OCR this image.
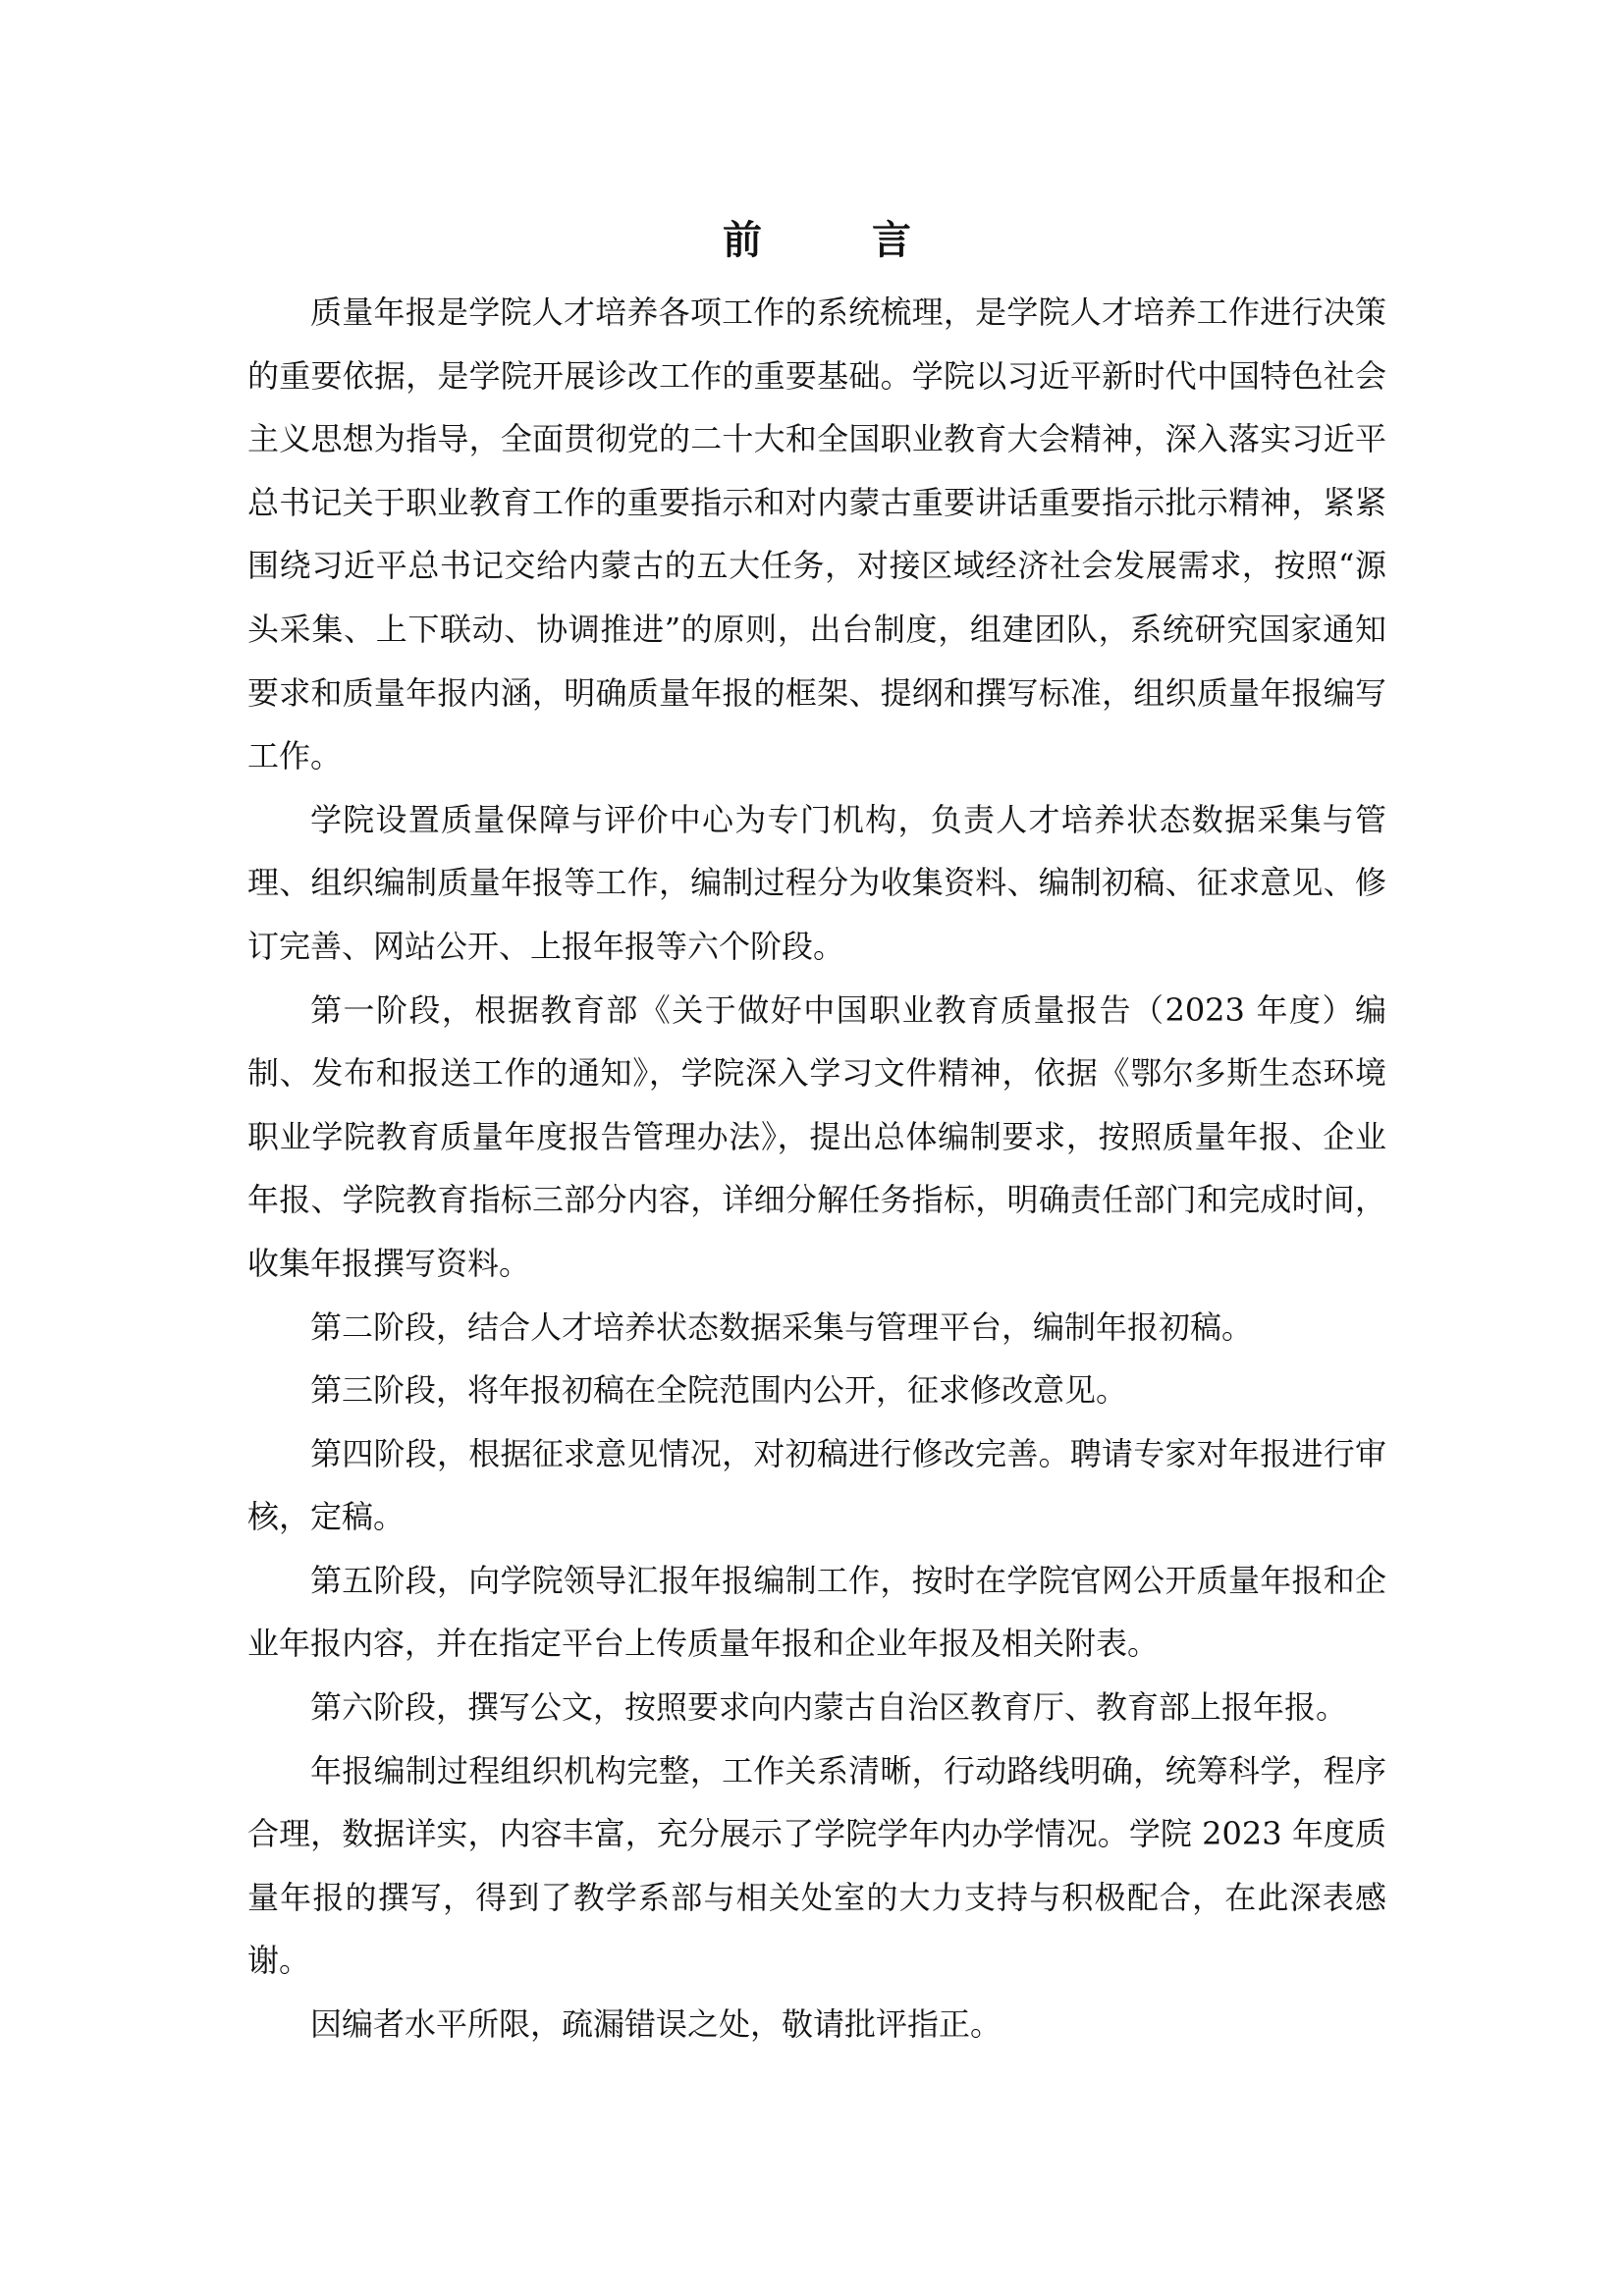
前　言

质量年报是学院人才培养各项工作的系统梳理，是学院人才培养工作进行决策的重要依据，是学院开展诊改工作的重要基础。学院以习近平新时代中国特色社会主义思想为指导，全面贯彻党的二十大和全国职业教育大会精神，深入落实习近平总书记关于职业教育工作的重要指示和对内蒙古重要讲话重要指示批示精神，紧紧围绕习近平总书记交给内蒙古的五大任务，对接区域经济社会发展需求，按照“源头采集、上下联动、协调推进”的原则，出台制度，组建团队，系统研究国家通知要求和质量年报内涵，明确质量年报的框架、提纲和撰写标准，组织质量年报编写工作。

学院设置质量保障与评价中心为专门机构，负责人才培养状态数据采集与管理、组织编制质量年报等工作，编制过程分为收集资料、编制初稿、征求意见、修订完善、网站公开、上报年报等六个阶段。

第一阶段，根据教育部《关于做好中国职业教育质量报告（2023 年度）编制、发布和报送工作的通知》，学院深入学习文件精神，依据《鄂尔多斯生态环境职业学院教育质量年度报告管理办法》，提出总体编制要求，按照质量年报、企业年报、学院教育指标三部分内容，详细分解任务指标，明确责任部门和完成时间，收集年报撰写资料。

第二阶段，结合人才培养状态数据采集与管理平台，编制年报初稿。

第三阶段，将年报初稿在全院范围内公开，征求修改意见。

第四阶段，根据征求意见情况，对初稿进行修改完善。聘请专家对年报进行审核，定稿。

第五阶段，向学院领导汇报年报编制工作，按时在学院官网公开质量年报和企业年报内容，并在指定平台上传质量年报和企业年报及相关附表。

第六阶段，撰写公文，按照要求向内蒙古自治区教育厅、教育部上报年报。

年报编制过程组织机构完整，工作关系清晰，行动路线明确，统筹科学，程序合理，数据详实，内容丰富，充分展示了学院学年内办学情况。学院 2023 年度质量年报的撰写，得到了教学系部与相关处室的大力支持与积极配合，在此深表感谢。

因编者水平所限，疏漏错误之处，敬请批评指正。
